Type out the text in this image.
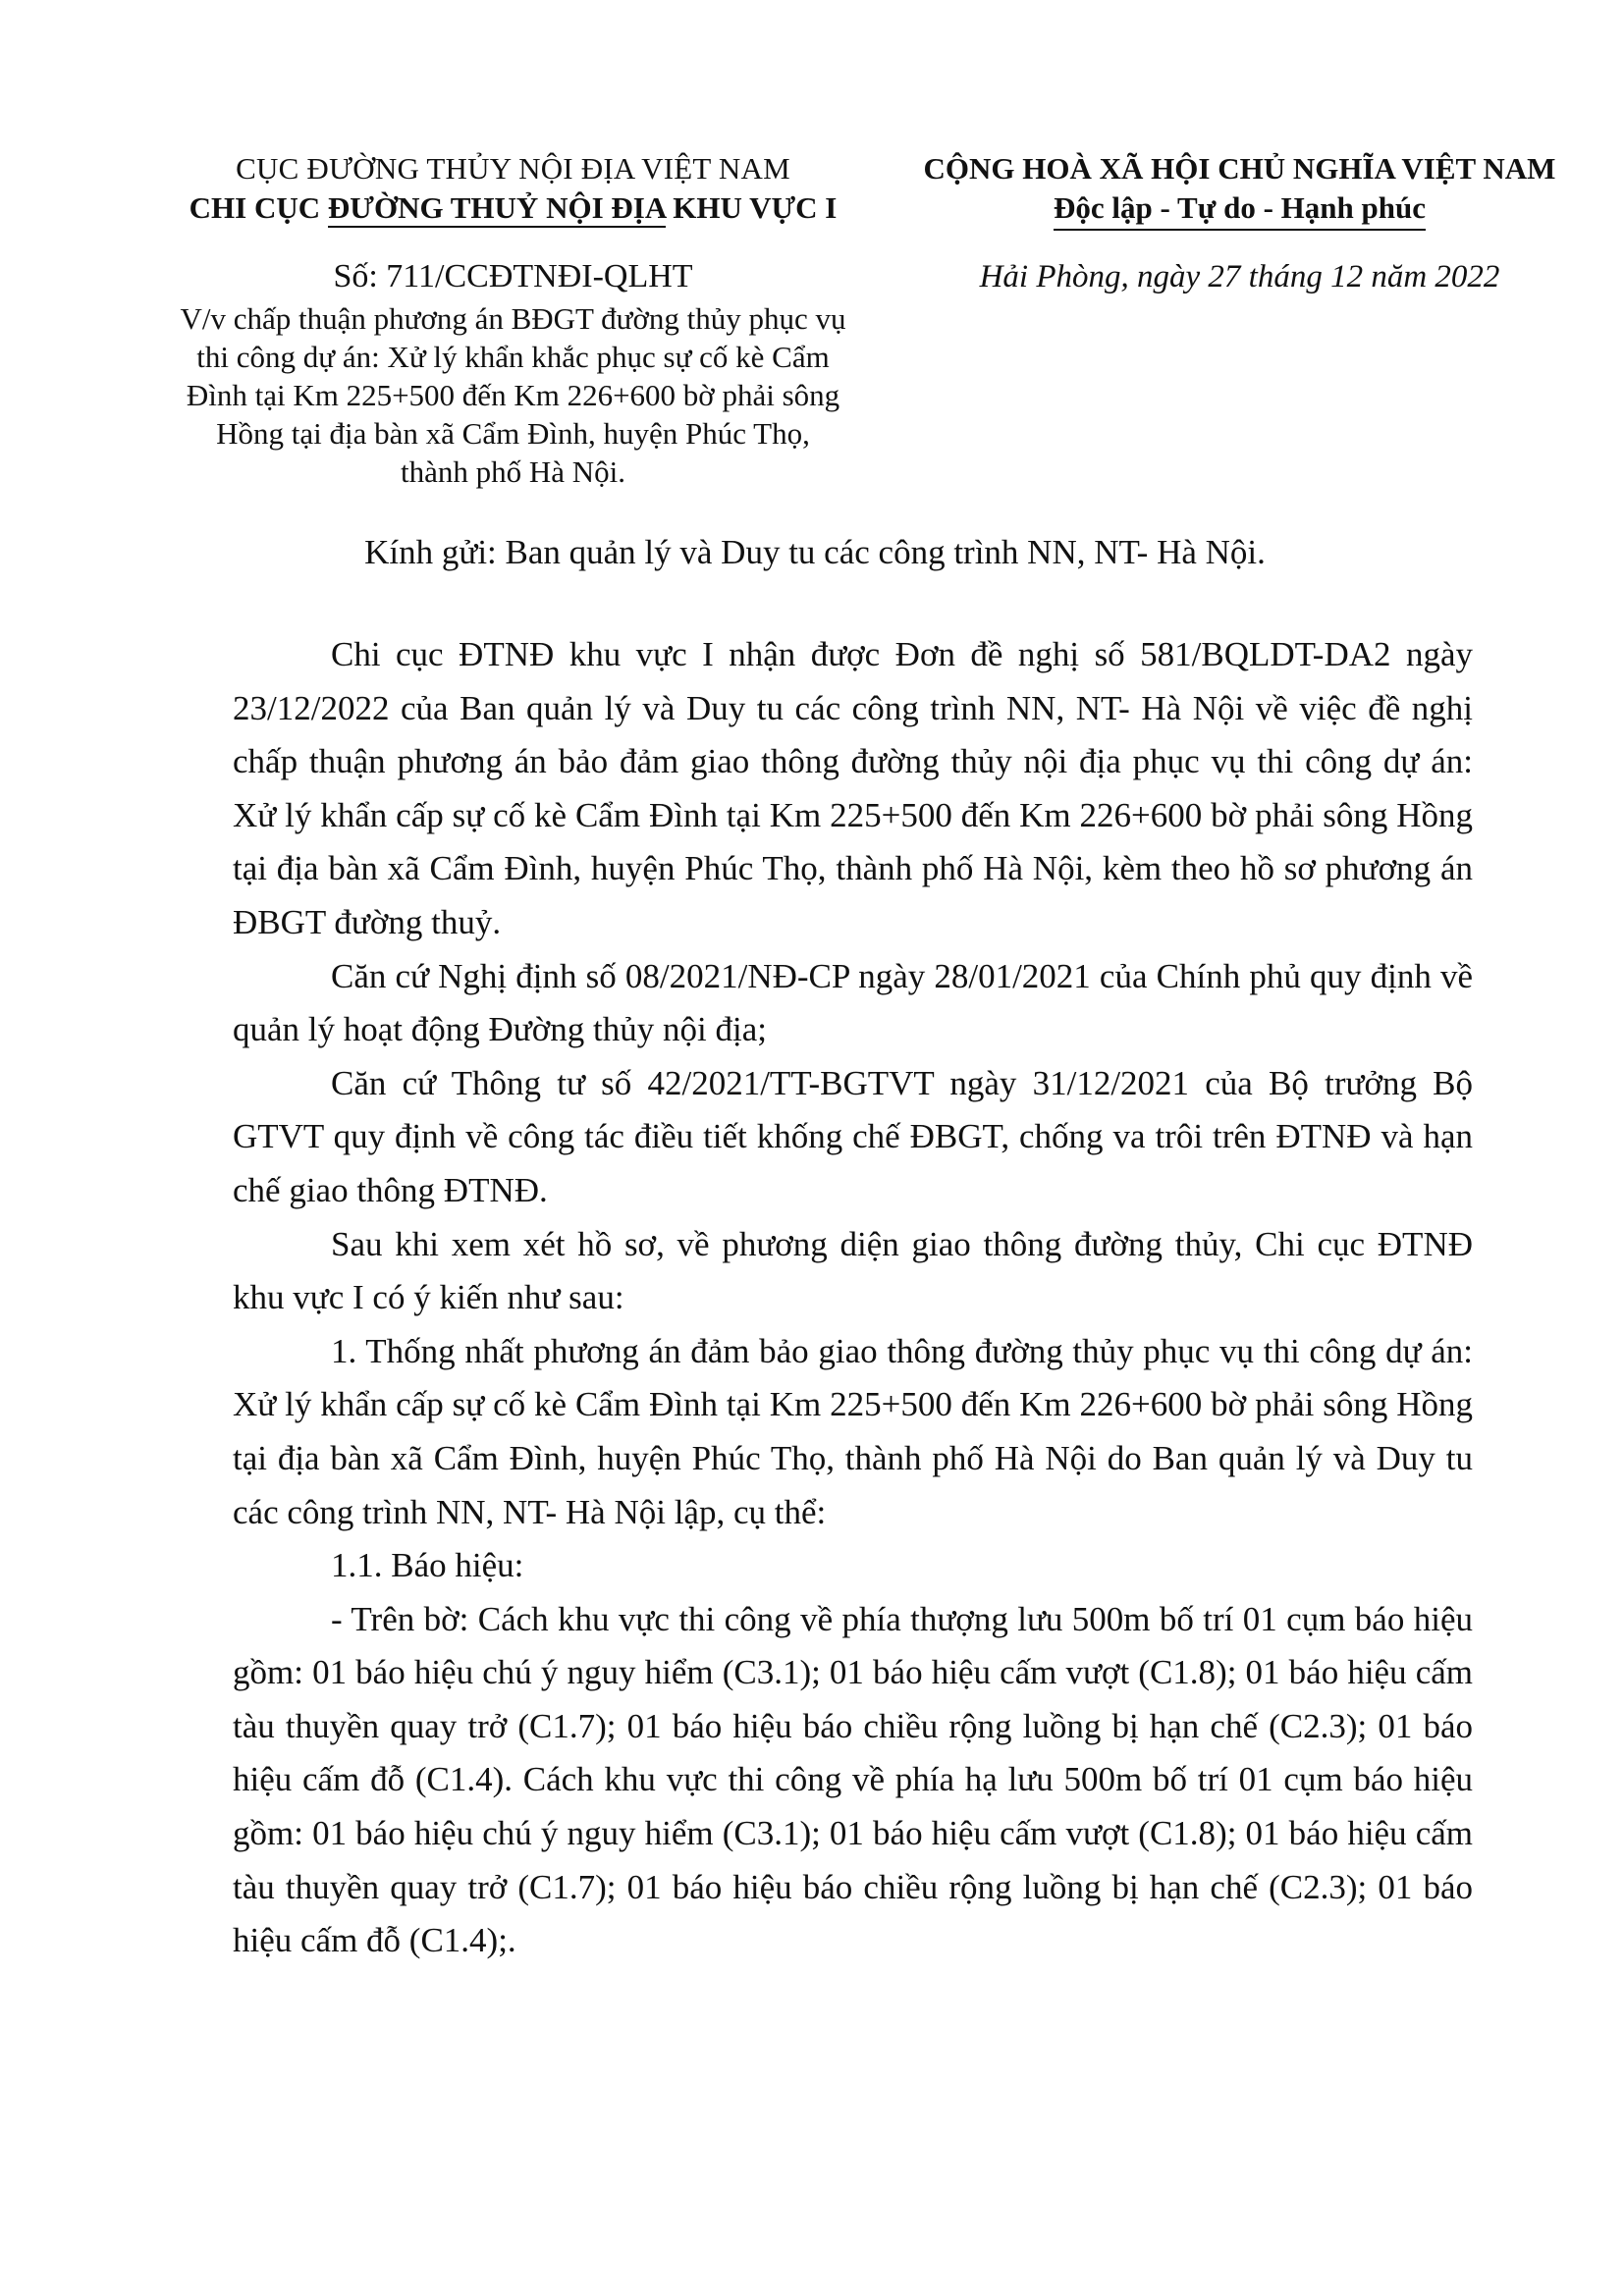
CỤC ĐƯỜNG THỦY NỘI ĐỊA VIỆT NAM
CHI CỤC ĐƯỜNG THUỶ NỘI ĐỊA KHU VỰC I
CỘNG HOÀ XÃ HỘI CHỦ NGHĨA VIỆT NAM
Độc lập - Tự do - Hạnh phúc
Số: 711/CCĐTNĐI-QLHT	Hải Phòng, ngày 27 tháng 12 năm 2022
V/v chấp thuận phương án BĐGT đường thủy phục vụ
thi công dự án: Xử lý khẩn khắc phục sự cố kè Cẩm
Đình tại Km 225+500 đến Km 226+600 bờ phải sông
Hồng tại địa bàn xã Cẩm Đình, huyện Phúc Thọ,
thành phố Hà Nội.
Kính gửi: Ban quản lý và Duy tu các công trình NN, NT- Hà Nội.

Chi cục ĐTNĐ khu vực I nhận được Đơn đề nghị số 581/BQLDT-DA2 ngày 23/12/2022 của Ban quản lý và Duy tu các công trình NN, NT- Hà Nội về việc đề nghị chấp thuận phương án bảo đảm giao thông đường thủy nội địa phục vụ thi công dự án: Xử lý khẩn cấp sự cố kè Cẩm Đình tại Km 225+500 đến Km 226+600 bờ phải sông Hồng tại địa bàn xã Cẩm Đình, huyện Phúc Thọ, thành phố Hà Nội, kèm theo hồ sơ phương án ĐBGT đường thuỷ.

Căn cứ Nghị định số 08/2021/NĐ-CP ngày 28/01/2021 của Chính phủ quy định về quản lý hoạt động Đường thủy nội địa;

Căn cứ Thông tư số 42/2021/TT-BGTVT ngày 31/12/2021 của Bộ trưởng Bộ GTVT quy định về công tác điều tiết khống chế ĐBGT, chống va trôi trên ĐTNĐ và hạn chế giao thông ĐTNĐ.

Sau khi xem xét hồ sơ, về phương diện giao thông đường thủy, Chi cục ĐTNĐ khu vực I có ý kiến như sau:

1. Thống nhất phương án đảm bảo giao thông đường thủy phục vụ thi công dự án: Xử lý khẩn cấp sự cố kè Cẩm Đình tại Km 225+500 đến Km 226+600 bờ phải sông Hồng tại địa bàn xã Cẩm Đình, huyện Phúc Thọ, thành phố Hà Nội do Ban quản lý và Duy tu các công trình NN, NT- Hà Nội lập, cụ thể:

1.1. Báo hiệu:

- Trên bờ: Cách khu vực thi công về phía thượng lưu 500m bố trí 01 cụm báo hiệu gồm: 01 báo hiệu chú ý nguy hiểm (C3.1); 01 báo hiệu cấm vượt (C1.8); 01 báo hiệu cấm tàu thuyền quay trở (C1.7); 01 báo hiệu báo chiều rộng luồng bị hạn chế (C2.3); 01 báo hiệu cấm đỗ (C1.4). Cách khu vực thi công về phía hạ lưu 500m bố trí 01 cụm báo hiệu gồm: 01 báo hiệu chú ý nguy hiểm (C3.1); 01 báo hiệu cấm vượt (C1.8); 01 báo hiệu cấm tàu thuyền quay trở (C1.7); 01 báo hiệu báo chiều rộng luồng bị hạn chế (C2.3); 01 báo hiệu cấm đỗ (C1.4);.
